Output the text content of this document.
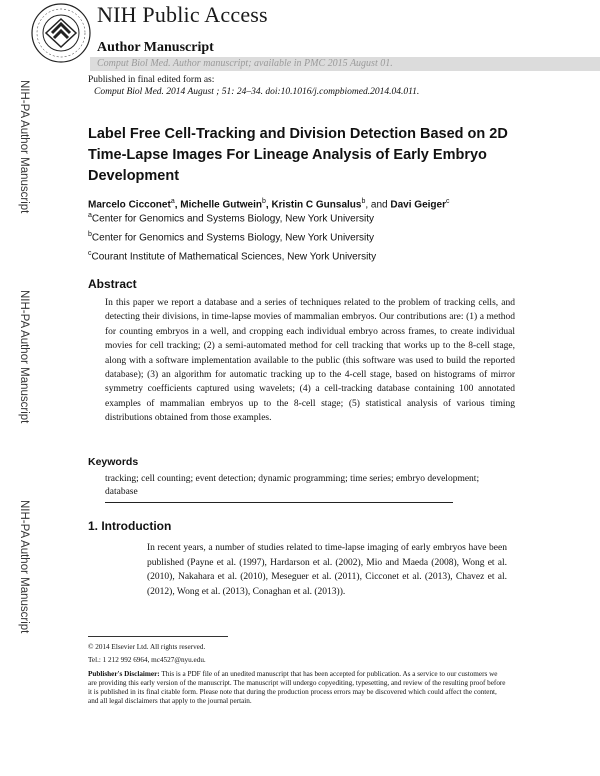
NIH Public Access
Author Manuscript
Comput Biol Med. Author manuscript; available in PMC 2015 August 01.
Published in final edited form as:
Comput Biol Med. 2014 August ; 51: 24–34. doi:10.1016/j.compbiomed.2014.04.011.
NIH-PA Author Manuscript
NIH-PA Author Manuscript
NIH-PA Author Manuscript
Label Free Cell-Tracking and Division Detection Based on 2D Time-Lapse Images For Lineage Analysis of Early Embryo Development
Marcelo Cicconet$^a$, Michelle Gutwein$^b$, Kristin C Gunsalus$^b$, and Davi Geiger$^c$
$^a$Center for Genomics and Systems Biology, New York University
$^b$Center for Genomics and Systems Biology, New York University
$^c$Courant Institute of Mathematical Sciences, New York University
Abstract
In this paper we report a database and a series of techniques related to the problem of tracking cells, and detecting their divisions, in time-lapse movies of mammalian embryos. Our contributions are: (1) a method for counting embryos in a well, and cropping each individual embryo across frames, to create individual movies for cell tracking; (2) a semi-automated method for cell tracking that works up to the 8-cell stage, along with a software implementation available to the public (this software was used to build the reported database); (3) an algorithm for automatic tracking up to the 4-cell stage, based on histograms of mirror symmetry coefficients captured using wavelets; (4) a cell-tracking database containing 100 annotated examples of mammalian embryos up to the 8-cell stage; (5) statistical analysis of various timing distributions obtained from those examples.
Keywords
tracking; cell counting; event detection; dynamic programming; time series; embryo development; database
1. Introduction
In recent years, a number of studies related to time-lapse imaging of early embryos have been published (Payne et al. (1997), Hardarson et al. (2002), Mio and Maeda (2008), Wong et al. (2010), Nakahara et al. (2010), Meseguer et al. (2011), Cicconet et al. (2013), Chavez et al. (2012), Wong et al. (2013), Conaghan et al. (2013)).
© 2014 Elsevier Ltd. All rights reserved.
Tel.: 1 212 992 6964, mc4527@nyu.edu.
Publisher's Disclaimer: This is a PDF file of an unedited manuscript that has been accepted for publication. As a service to our customers we are providing this early version of the manuscript. The manuscript will undergo copyediting, typesetting, and review of the resulting proof before it is published in its final citable form. Please note that during the production process errors may be discovered which could affect the content, and all legal disclaimers that apply to the journal pertain.
